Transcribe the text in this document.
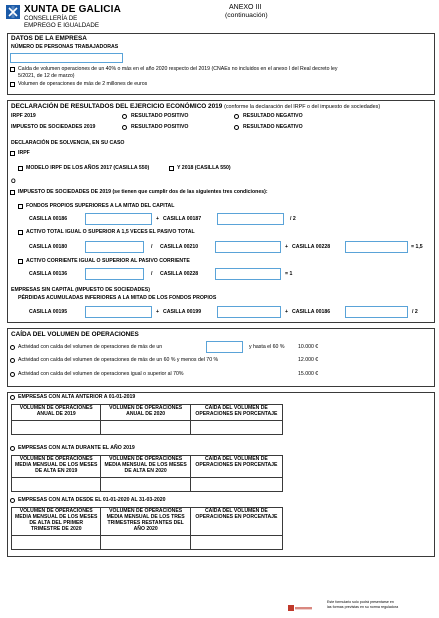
XUNTA DE GALICIA
CONSELLERÍA DE
EMPREGO E IGUALDADE
ANEXO III
(continuación)
DATOS DE LA EMPRESA
NÚMERO DE PERSONAS TRABAJADORAS
Caída de volumen operaciones de un 40% o más en el año 2020 respecto del 2019 (CNAEs no incluidos en el anexo I del Real decreto ley
5/2021, de 12 de marzo)
Volumen de operaciones de más de 2 millones de euros
DECLARACIÓN DE RESULTADOS DEL EJERCICIO ECONÓMICO 2019 (conforme la declaración del IRPF o del impuesto de sociedades)
IRPF 2019	RESULTADO POSITIVO	RESULTADO NEGATIVO
IMPUESTO DE SOCIEDADES 2019	RESULTADO POSITIVO	RESULTADO NEGATIVO
DECLARACIÓN DE SOLVENCIA, EN SU CASO
IRPF
MODELO IRPF DE LOS AÑOS 2017 (CASILLA 550)	Y 2018 (CASILLA 550)
O
IMPUESTO DE SOCIEDADES DE 2019 (se tienen que cumplir dos de las siguientes tres condiciones):
FONDOS PROPIOS SUPERIORES A LA MITAD DEL CAPITAL
CASILLA 00186	+ CASILLA 00187	/ 2
ACTIVO TOTAL IGUAL O SUPERIOR A 1,5 VECES EL PASIVO TOTAL
CASILLA 00180	/ CASILLA 00210	+ CASILLA 00228	= 1,5
ACTIVO CORRIENTE IGUAL O SUPERIOR AL PASIVO CORRIENTE
CASILLA 00136	/ CASILLA 00228	= 1
EMPRESAS SIN CAPITAL (IMPUESTO DE SOCIEDADES)
PÉRDIDAS ACUMULADAS INFERIORES A LA MITAD DE LOS FONDOS PROPIOS
CASILLA 00195	+ CASILLA 00199	+ CASILLA 00186	/ 2
CAÍDA DEL VOLUMEN DE OPERACIONES
Actividad con caída del volumen de operaciones de más de un	y hasta el 60 %	10.000 €
Actividad con caída del volumen de operaciones de más de un 60 % y menos del 70 %	12.000 €
Actividad con caída del volumen de operaciones igual o superior al 70%	15.000 €
EMPRESAS CON ALTA ANTERIOR A 01-01-2019
VOLUMEN DE OPERACIONES ANUAL DE 2019	VOLUMEN DE OPERACIONES ANUAL DE 2020	CAÍDA DEL VOLUMEN DE OPERACIONES EN PORCENTAJE

EMPRESAS CON ALTA DURANTE EL AÑO 2019
VOLUMEN DE OPERACIONES MEDIA MENSUAL DE LOS MESES DE ALTA EN 2019	VOLUMEN DE OPERACIONES MEDIA MENSUAL DE LOS MESES DE ALTA EN 2020	CAÍDA DEL VOLUMEN DE OPERACIONES EN PORCENTAJE

EMPRESAS CON ALTA DESDE EL 01-01-2020 AL 31-03-2020
VOLUMEN DE OPERACIONES MEDIA MENSUAL DE LOS MESES DE ALTA DEL PRIMER TRIMESTRE DE 2020	VOLUMEN DE OPERACIONES MEDIA MENSUAL DE LOS TRES TRIMESTRES RESTANTES DEL AÑO 2020	CAÍDA DEL VOLUMEN DE OPERACIONES EN PORCENTAJE

Este formulario solo podrá presentarse en
las formas previstas en su norma reguladora
